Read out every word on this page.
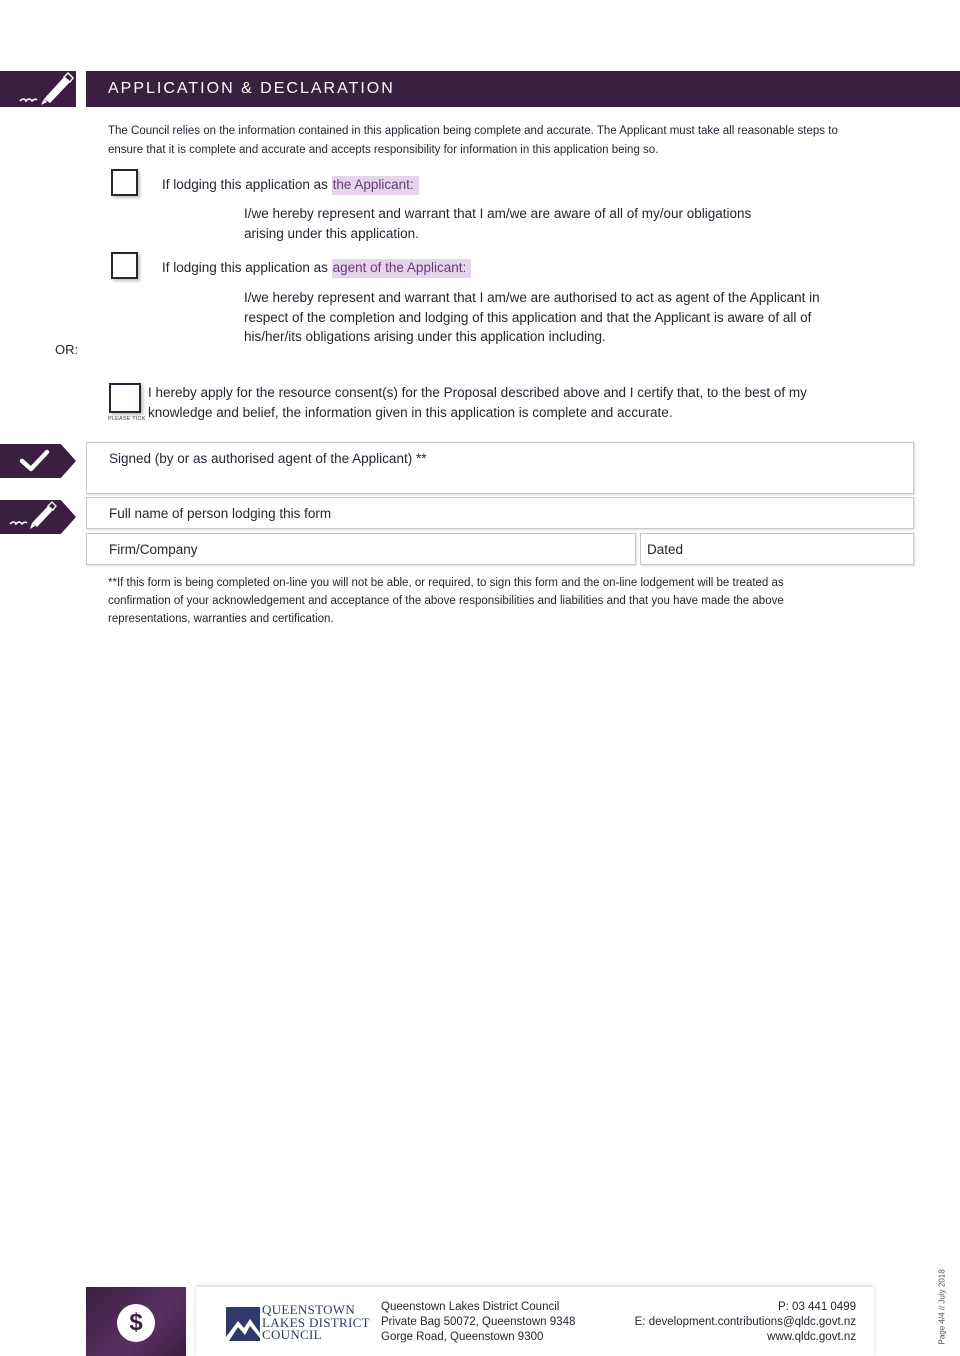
APPLICATION & DECLARATION
The Council relies on the information contained in this application being complete and accurate. The Applicant must take all reasonable steps to ensure that it is complete and accurate and accepts responsibility for information in this application being so.
If lodging this application as the Applicant:
I/we hereby represent and warrant that I am/we are aware of all of my/our obligations
arising under this application.
If lodging this application as agent of the Applicant:
I/we hereby represent and warrant that I am/we are authorised to act as agent of the Applicant in
respect of the completion and lodging of this application and that the Applicant is aware of all of
his/her/its obligations arising under this application including.
OR:
PLEASE TICK
I hereby apply for the resource consent(s) for the Proposal described above and I certify that, to the best of my
knowledge and belief, the information given in this application is complete and accurate.
Signed (by or as authorised agent of the Applicant) **
Full name of person lodging this form
Firm/Company	Dated
**If this form is being completed on-line you will not be able, or required, to sign this form and the on-line lodgement will be treated as confirmation of your acknowledgement and acceptance of the above responsibilities and liabilities and that you have made the above representations, warranties and certification.
$	QUEENSTOWN
LAKES DISTRICT
COUNCIL
Queenstown Lakes District Council
Private Bag 50072, Queenstown 9348
Gorge Road, Queenstown 9300
P: 03 441 0499
E: development.contributions@qldc.govt.nz
www.qldc.govt.nz	Page 4/4 // July 2018
